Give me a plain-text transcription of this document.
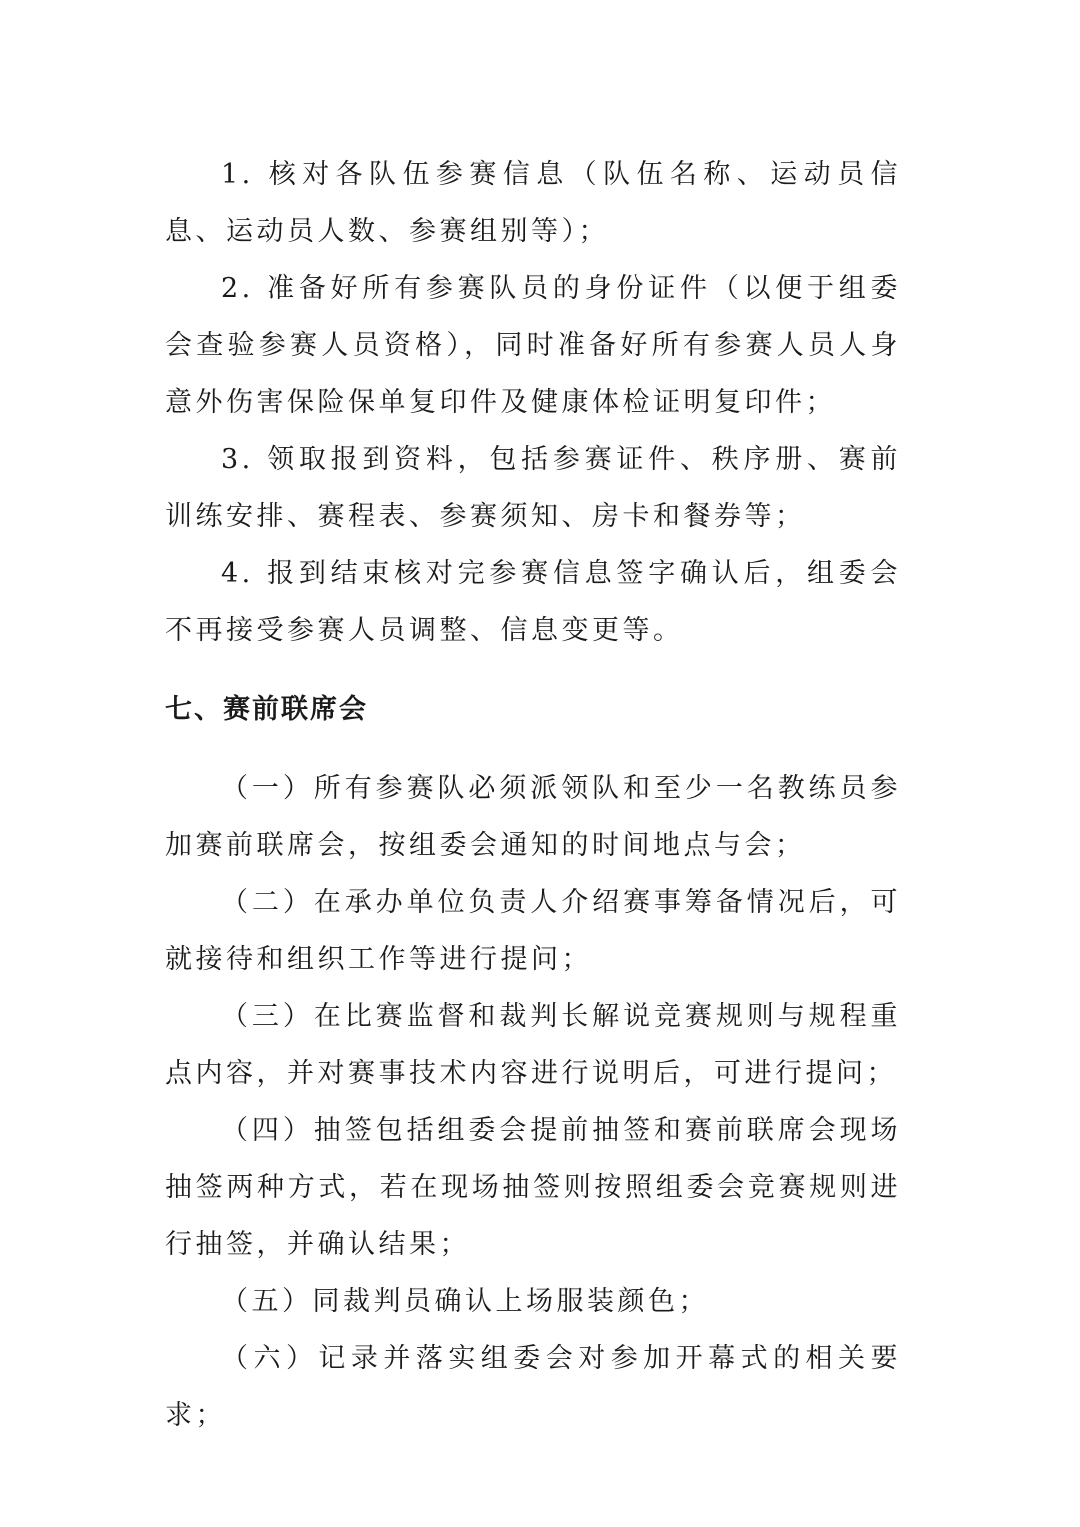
1. 核对各队伍参赛信息（队伍名称、运动员信息、运动员人数、参赛组别等）；

2. 准备好所有参赛队员的身份证件（以便于组委会查验参赛人员资格），同时准备好所有参赛人员人身意外伤害保险保单复印件及健康体检证明复印件；

3. 领取报到资料，包括参赛证件、秩序册、赛前训练安排、赛程表、参赛须知、房卡和餐券等；

4. 报到结束核对完参赛信息签字确认后，组委会不再接受参赛人员调整、信息变更等。

七、赛前联席会

（一）所有参赛队必须派领队和至少一名教练员参加赛前联席会，按组委会通知的时间地点与会；

（二）在承办单位负责人介绍赛事筹备情况后，可就接待和组织工作等进行提问；

（三）在比赛监督和裁判长解说竞赛规则与规程重点内容，并对赛事技术内容进行说明后，可进行提问；

（四）抽签包括组委会提前抽签和赛前联席会现场抽签两种方式，若在现场抽签则按照组委会竞赛规则进行抽签，并确认结果；

（五）同裁判员确认上场服装颜色；

（六）记录并落实组委会对参加开幕式的相关要求；
